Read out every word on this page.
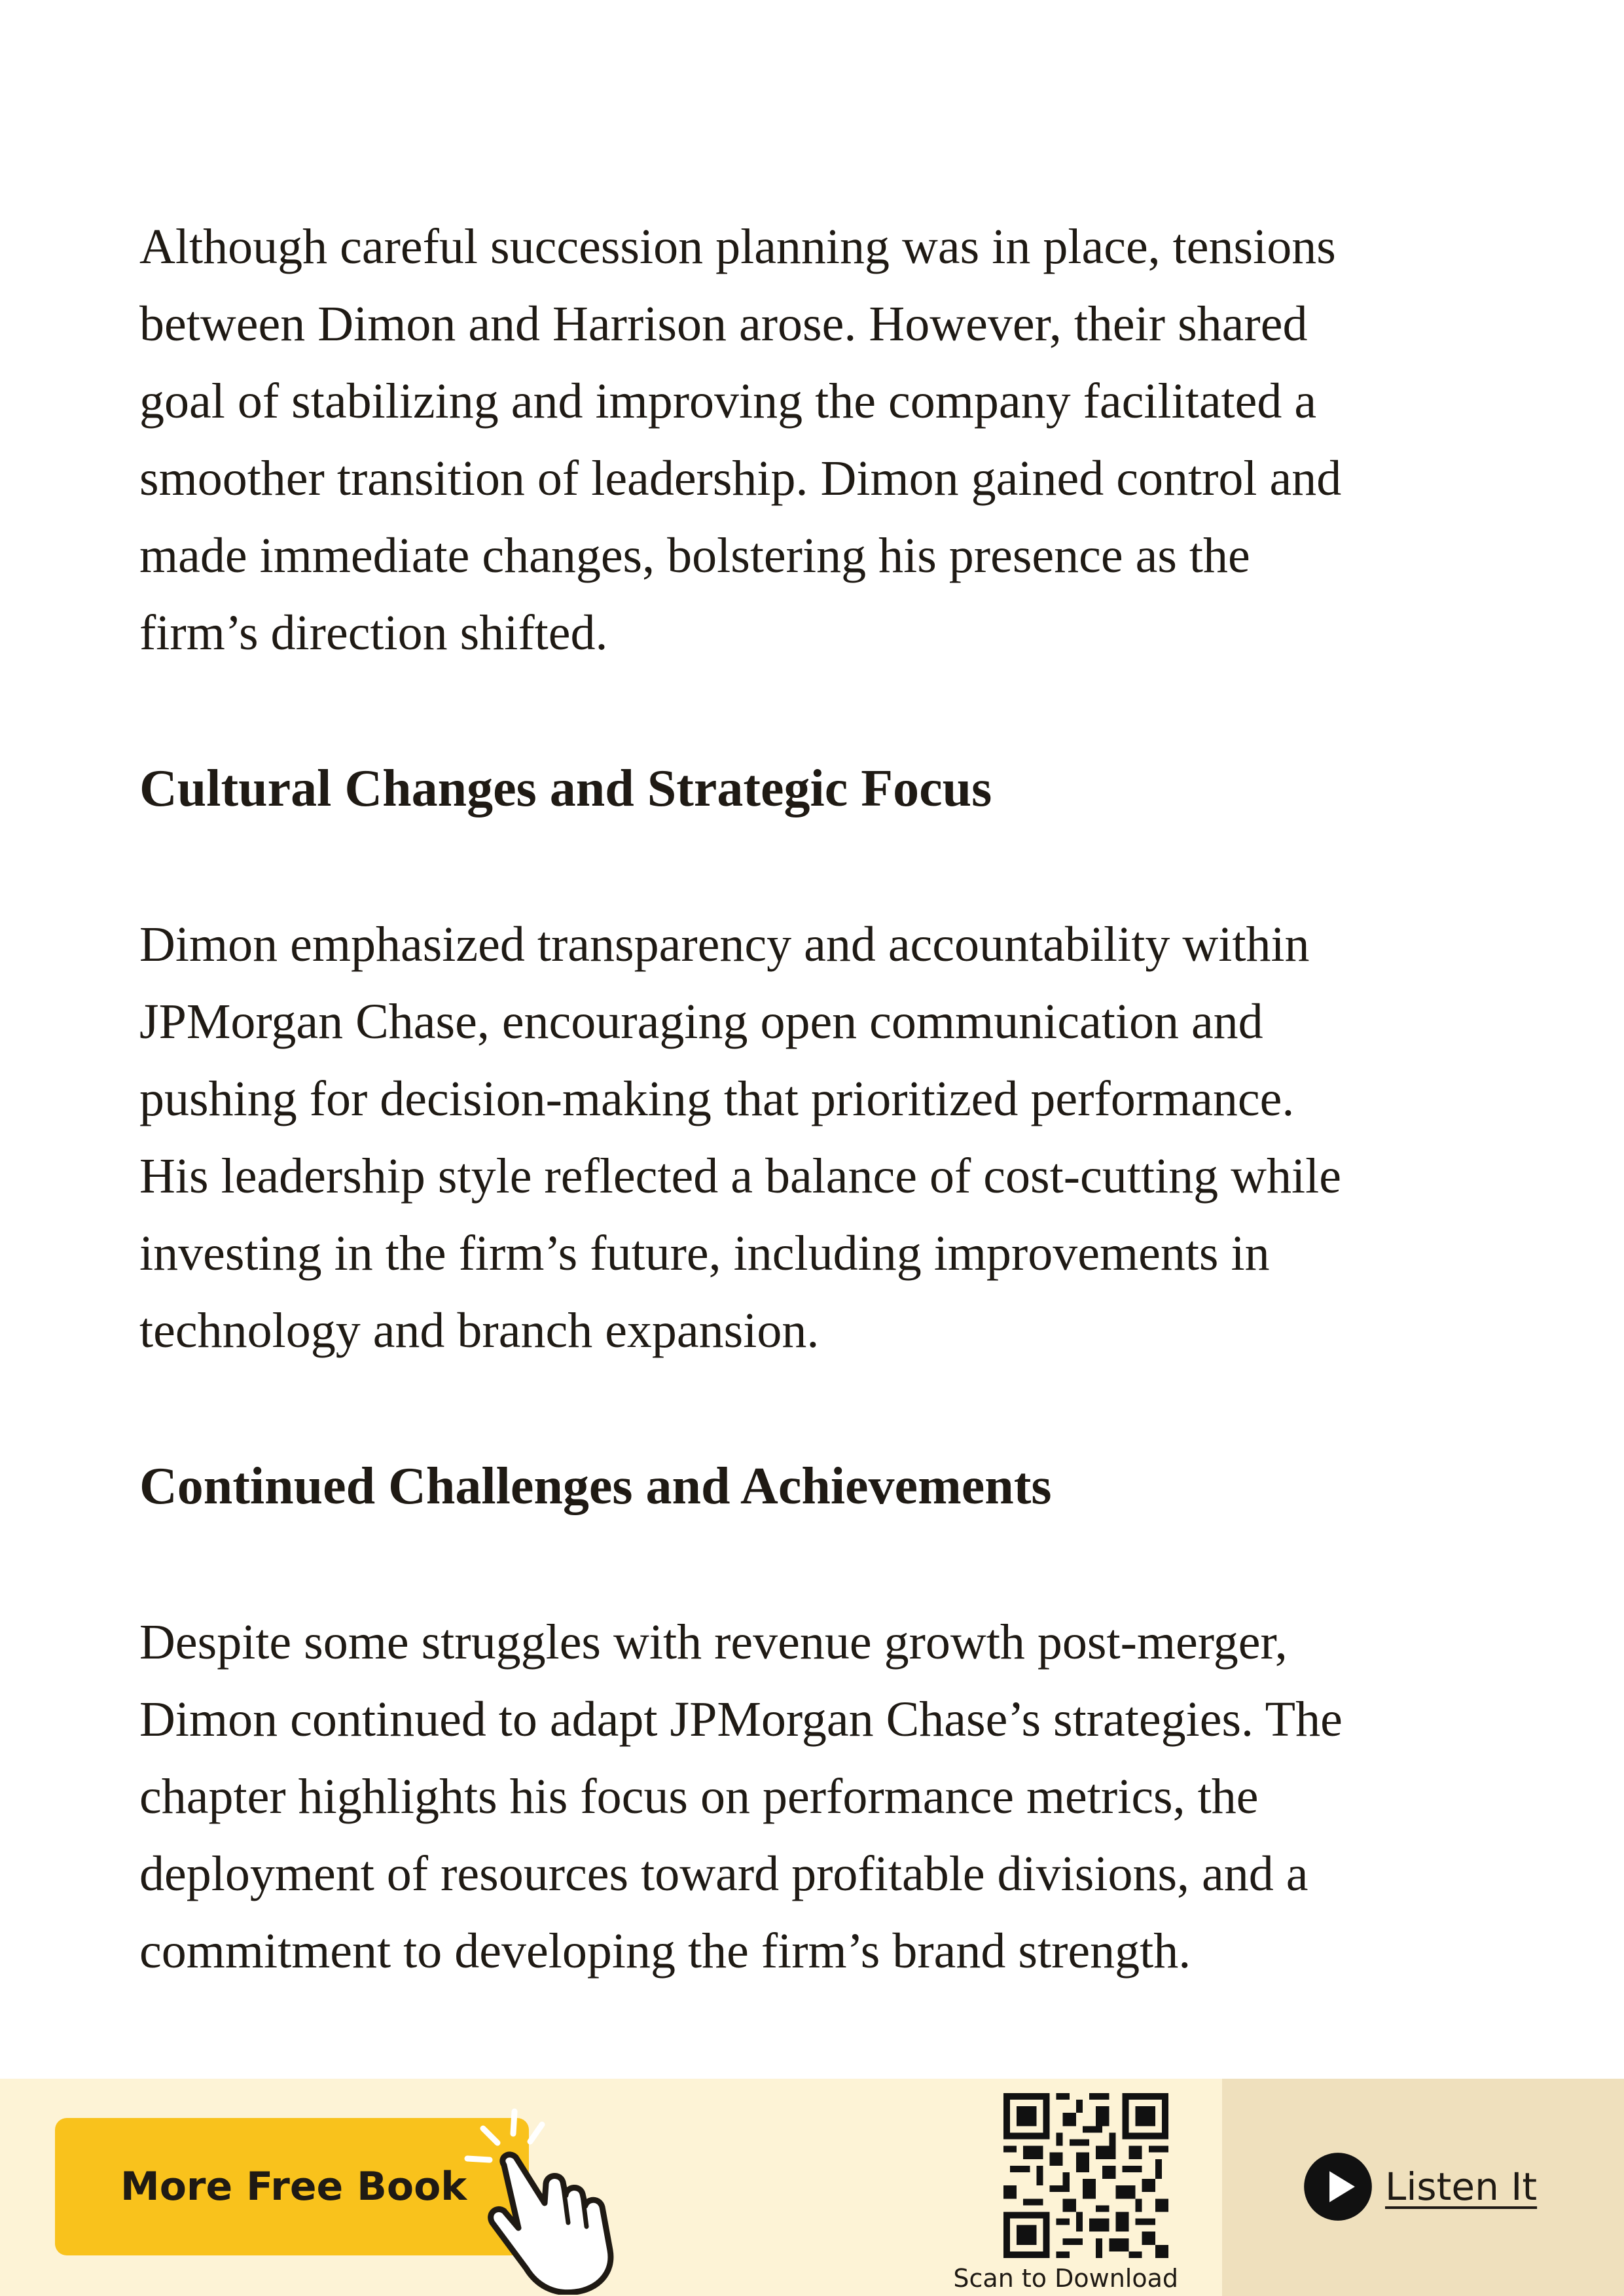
Although careful succession planning was in place, tensions
between Dimon and Harrison arose. However, their shared
goal of stabilizing and improving the company facilitated a
smoother transition of leadership. Dimon gained control and
made immediate changes, bolstering his presence as the
firm’s direction shifted.

Cultural Changes and Strategic Focus

Dimon emphasized transparency and accountability within
JPMorgan Chase, encouraging open communication and
pushing for decision-making that prioritized performance.
His leadership style reflected a balance of cost-cutting while
investing in the firm’s future, including improvements in
technology and branch expansion.

Continued Challenges and Achievements

Despite some struggles with revenue growth post-merger,
Dimon continued to adapt JPMorgan Chase’s strategies. The
chapter highlights his focus on performance metrics, the
deployment of resources toward profitable divisions, and a
commitment to developing the firm’s brand strength.

More Free Book
Scan to Download
Listen It
